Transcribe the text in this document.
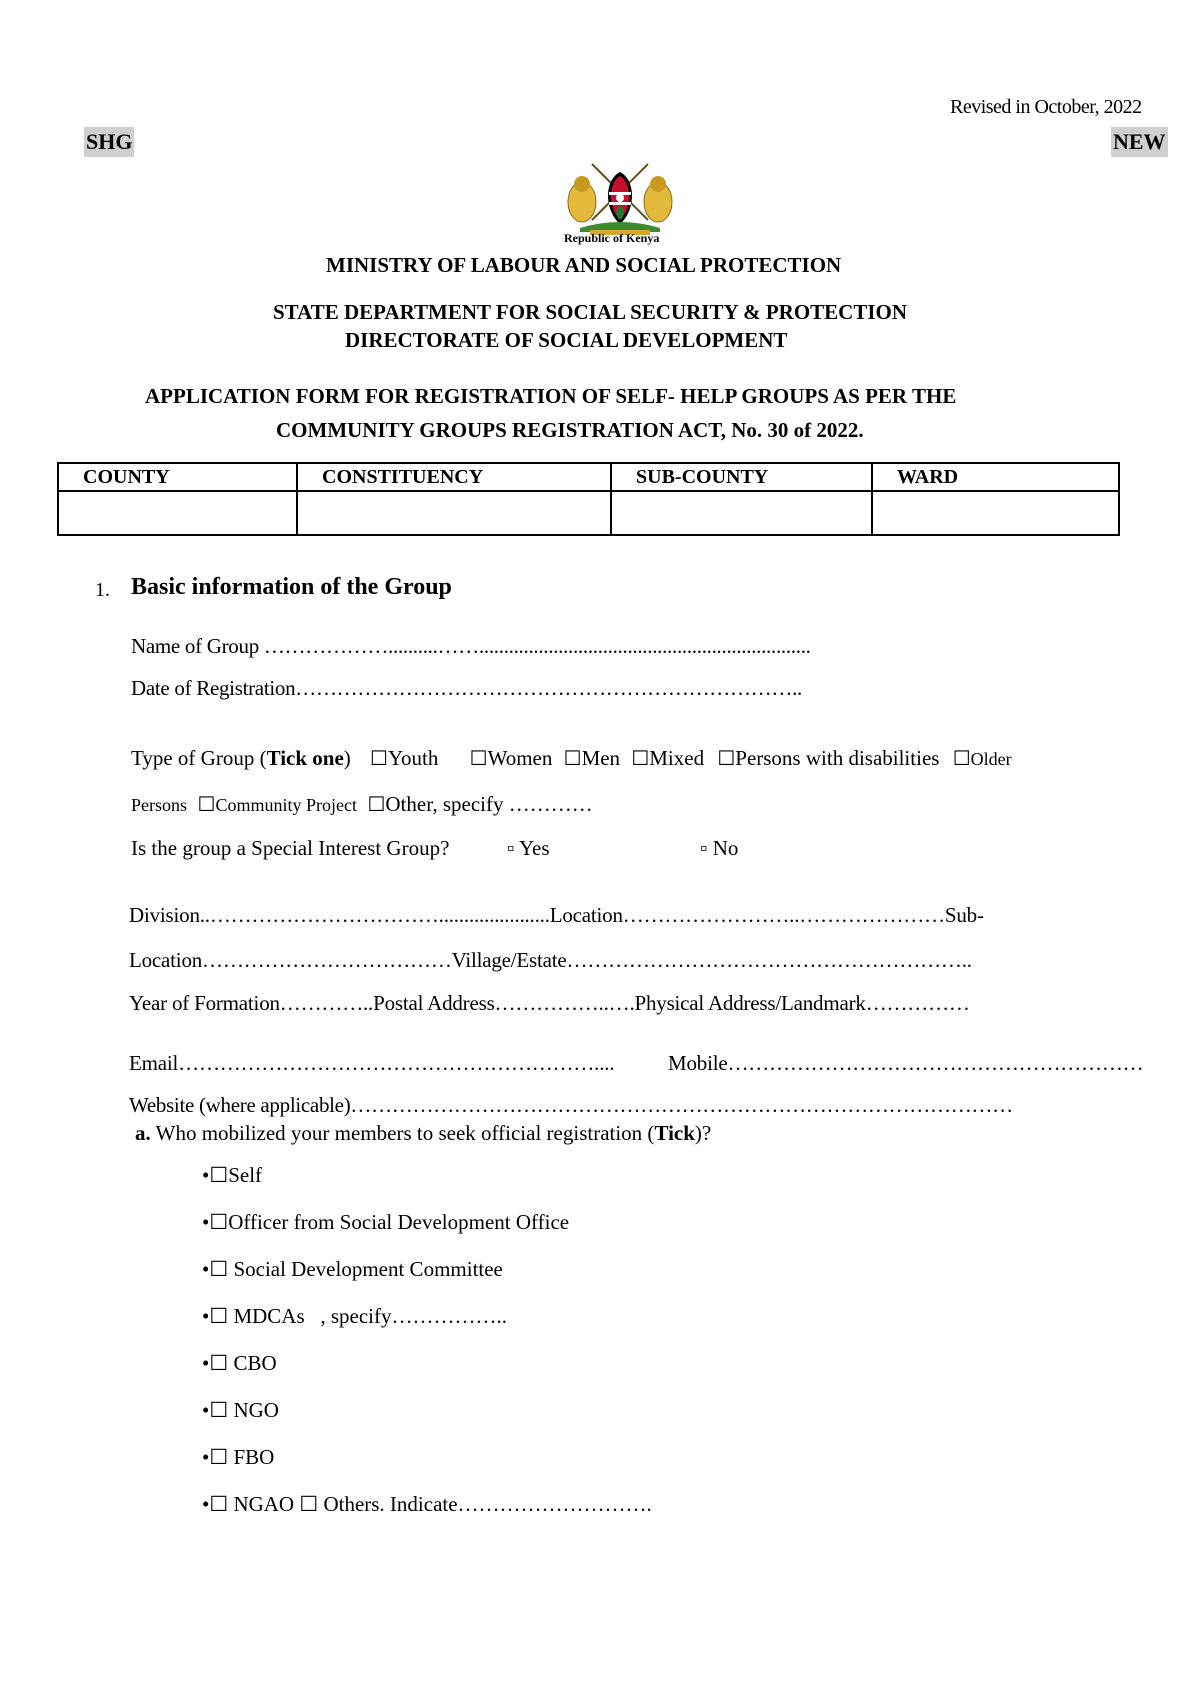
Revised in October, 2022
SHG	NEW
Republic of Kenya
MINISTRY OF LABOUR AND SOCIAL PROTECTION
STATE DEPARTMENT FOR SOCIAL SECURITY & PROTECTION
DIRECTORATE OF SOCIAL DEVELOPMENT
APPLICATION FORM FOR REGISTRATION OF SELF- HELP GROUPS AS PER THE
COMMUNITY GROUPS REGISTRATION ACT, No. 30 of 2022.
COUNTY	CONSTITUENCY	SUB-COUNTY	WARD

1. Basic information of the Group
Name of Group ………………..........……...................................................................
Date of Registration………………………………………………………………..
Type of Group (Tick one) ☐Youth ☐Women ☐Men ☐Mixed ☐Persons with disabilities ☐Older
Persons ☐Community Project ☐Other, specify …………
Is the group a Special Interest Group?	▫ Yes	▫ No
Division..……………………………......................Location……………………..…………………Sub-
Location………………………………Village/Estate…………………………………………………..
Year of Formation…………..Postal Address……………..….Physical Address/Landmark……………
Email……………………………………………………....	Mobile……………………………………………………
Website (where applicable)……………………………………………………………………………………
a. Who mobilized your members to seek official registration (Tick)?
•☐Self
•☐Officer from Social Development Office
•☐ Social Development Committee
•☐ MDCAs   , specify……………..
•☐ CBO
•☐ NGO
•☐ FBO
•☐ NGAO ☐ Others. Indicate……………………….
